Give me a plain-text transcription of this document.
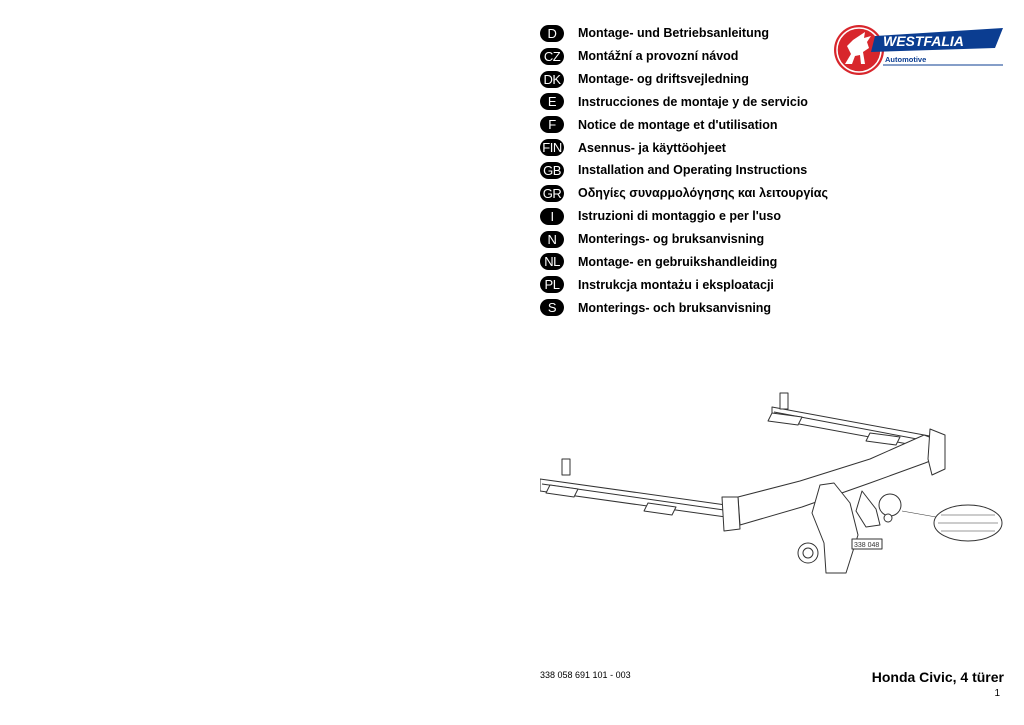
D	Montage- und Betriebsanleitung
CZ	Montážní a provozní návod
DK Montage- og driftsvejledning
E	Instrucciones de montaje y de servicio
F	Notice de montage et d'utilisation
FIN Asennus- ja käyttöohjeet
GB Installation and Operating Instructions
GR Οδηγίες συναρμολόγησης και λειτουργίας
I	Istruzioni di montaggio e per l'uso
N	Monterings- og bruksanvisning
NL	Montage- en gebruikshandleiding
PL	Instrukcja montażu i eksploatacji
S	Monterings- och bruksanvisning
WESTFALIA
Automotive
338 048
338 058 691 101 - 003	Honda Civic, 4 türer
1
